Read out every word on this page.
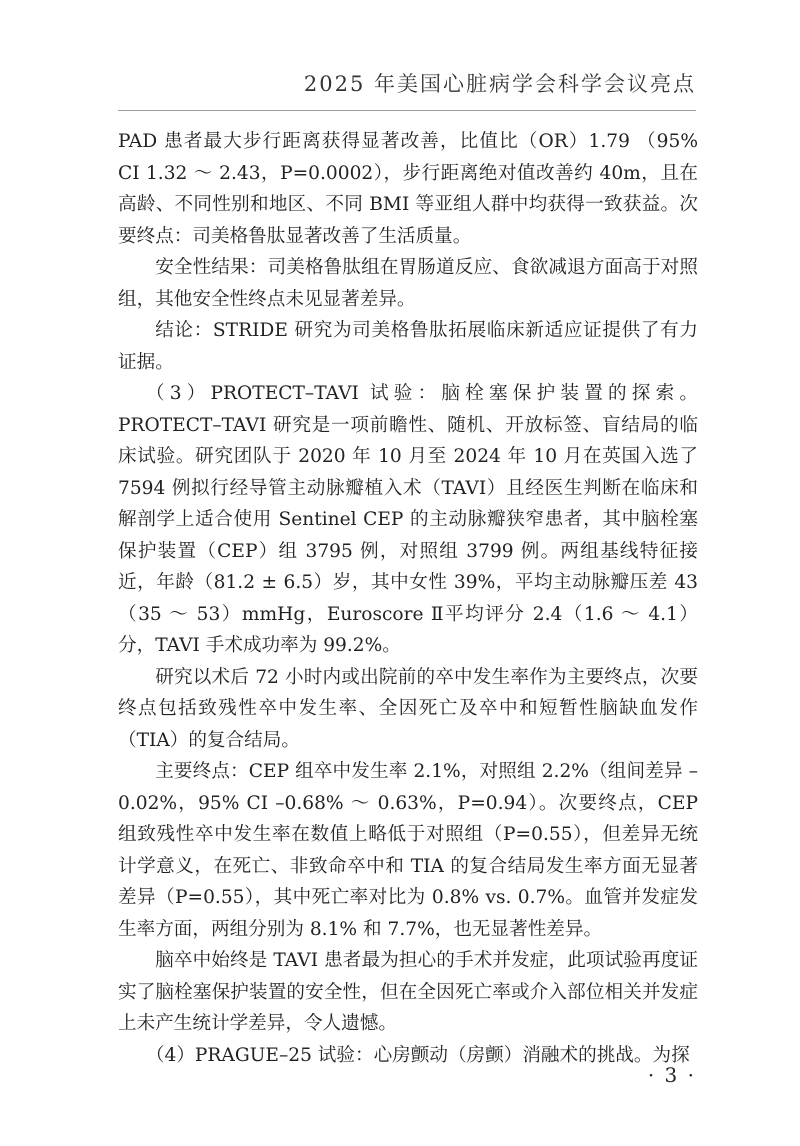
2025 年美国心脏病学会科学会议亮点

PAD 患者最大步行距离获得显著改善，比值比（OR）1.79 （95% CI 1.32 ～ 2.43，P=0.0002），步行距离绝对值改善约 40m，且在高龄、不同性别和地区、不同 BMI 等亚组人群中均获得一致获益。次要终点：司美格鲁肽显著改善了生活质量。

安全性结果：司美格鲁肽组在胃肠道反应、食欲减退方面高于对照组，其他安全性终点未见显著差异。

结论：STRIDE 研究为司美格鲁肽拓展临床新适应证提供了有力证据。

（3）PROTECT–TAVI 试验：脑栓塞保护装置的探索。PROTECT–TAVI 研究是一项前瞻性、随机、开放标签、盲结局的临床试验。研究团队于 2020 年 10 月至 2024 年 10 月在英国入选了 7594 例拟行经导管主动脉瓣植入术（TAVI）且经医生判断在临床和解剖学上适合使用 Sentinel CEP 的主动脉瓣狭窄患者，其中脑栓塞保护装置（CEP）组 3795 例，对照组 3799 例。两组基线特征接近，年龄（81.2 ± 6.5）岁，其中女性 39%，平均主动脉瓣压差 43（35 ～ 53）mmHg，Euroscore Ⅱ平均评分 2.4（1.6 ～ 4.1）分，TAVI 手术成功率为 99.2%。

研究以术后 72 小时内或出院前的卒中发生率作为主要终点，次要终点包括致残性卒中发生率、全因死亡及卒中和短暂性脑缺血发作（TIA）的复合结局。

主要终点：CEP 组卒中发生率 2.1%，对照组 2.2%（组间差异 –0.02%，95% CI –0.68% ～ 0.63%，P=0.94）。次要终点，CEP 组致残性卒中发生率在数值上略低于对照组（P=0.55），但差异无统计学意义，在死亡、非致命卒中和 TIA 的复合结局发生率方面无显著差异（P=0.55），其中死亡率对比为 0.8% vs. 0.7%。血管并发症发生率方面，两组分别为 8.1% 和 7.7%，也无显著性差异。

脑卒中始终是 TAVI 患者最为担心的手术并发症，此项试验再度证实了脑栓塞保护装置的安全性，但在全因死亡率或介入部位相关并发症上未产生统计学差异，令人遗憾。

（4）PRAGUE–25 试验：心房颤动（房颤）消融术的挑战。为探

· 3 ·
